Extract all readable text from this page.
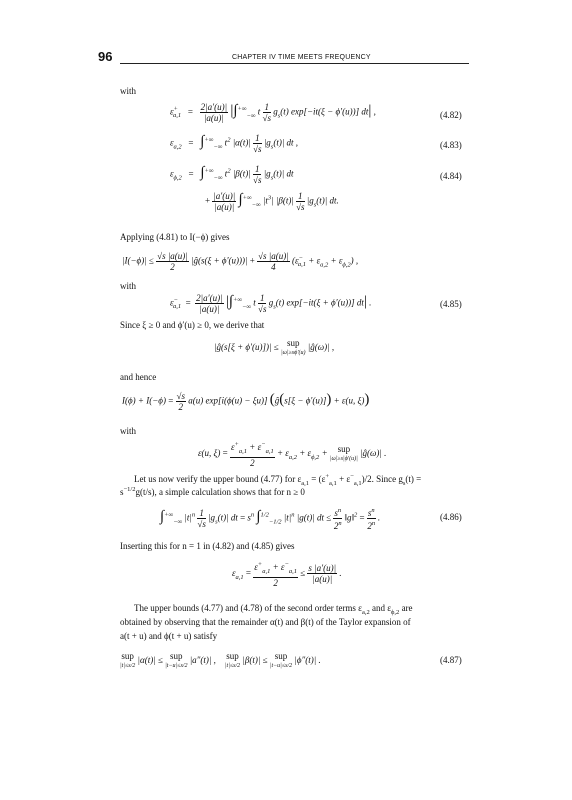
96	CHAPTER IV TIME MEETS FREQUENCY
with
$\varepsilon^+_{a,1} = \frac{2|a'(u)|}{|a(u)|} |\int^{+\infty}_{-\infty}$ t $\frac{1}{√s} g_s(t) \exp[-it(\xi - \phi'(u))]$ dt| ,	(4.82)
$\varepsilon_{a,2} = \int^{+\infty}_{-\infty}$ $t^2$ $|\alpha(t)| \frac{1}{√s} |g_s(t)|$ dt ,	(4.83)
$\varepsilon_{\phi,2} = \int^{+\infty}_{-\infty}$ $t^2$ $|\beta(t)| \frac{1}{√s} |g_s(t)|$ dt	(4.84)
+ $\frac{|a'(u)|}{|a(u)|} \int^{+\infty}_{-\infty}$ $|t^3|$ $|\beta(t)| \frac{1}{√s} |g_s(t)|$ dt.
Applying (4.81) to I(−ϕ) gives
$|I(-\phi)| \le \frac{√s |a(u)|}{2}$ |ĝ(s(ξ + $\phi'(u)))| + \frac{√s |a(u)|}{4} (\varepsilon^-_{a,1} + \varepsilon_{a,2} + \varepsilon_{\phi,2})$ ,
with
$\varepsilon^-_{a,1} = \frac{2|a'(u)|}{|a(u)|} |\int^{+\infty}_{-\infty}$ t $\frac{1}{√s} g_s(t) \exp[-it(\xi + \phi'(u))]$ dt| .	(4.85)
Since ξ ≥ 0 and ϕ′(u) ≥ 0, we derive that
|ĝ(s[ξ + ϕ′(u)])| ≤ sup
|ω|≥sϕ′(u)
|ĝ(ω)| ,
and hence
$I(\phi) + I(-\phi) = \frac{√s}{2} a(u) \exp[i(\phi(u) - \xi u)]$ (ĝ(s[ξ − ϕ′(u)]) + ε(u, ξ))
with
ε(u, $\xi) = \frac{\varepsilon^+_{a,1} + \varepsilon^-_{a,1}}{2} + \varepsilon_{a,2} + \varepsilon_{\phi,2}$ + sup
|ω|≥s|ϕ′(u)|
|ĝ(ω)| .
Let us now verify the upper bound (4.77) for $\varepsilon_{a,1} = (\varepsilon^+_{a,1} + \varepsilon^-_{a,1})/2$. Since $g_s(t)$ =
$s^{-1/2}g(t/s)$, a simple calculation shows that for n ≥ 0
$\int^{+\infty}_{-\infty}$ $|t|^n \frac{1}{√s} |g_s(t)|$ dt = $s^n$ ∫$^{1/2}_{-1/2}$ $|t|^n$ |g(t)| dt ≤ $\frac{s^n}{2^n}$ ‖g‖$^2$ = $\frac{s^n}{2^n}$ .	(4.86)
Inserting this for n = 1 in (4.82) and (4.85) gives
$\varepsilon_{a,1} = \frac{\varepsilon^+_{a,1} + \varepsilon^-_{a,1}}{2} \le \frac{s |a'(u)|}{|a(u)|}$ .
The upper bounds (4.77) and (4.78) of the second order terms $\varepsilon_{a,2}$ and $\varepsilon_{\phi,2}$ are
obtained by observing that the remainder α(t) and β(t) of the Taylor expansion of
a(t + u) and ϕ(t + u) satisfy
sup
|t|≤s/2
|α(t)| ≤ sup
|t−u|≤s/2
|a″(t)| , sup
|t|≤s/2
|β(t)| ≤ sup
|t−u|≤s/2
|ϕ″(t)| .	(4.87)
